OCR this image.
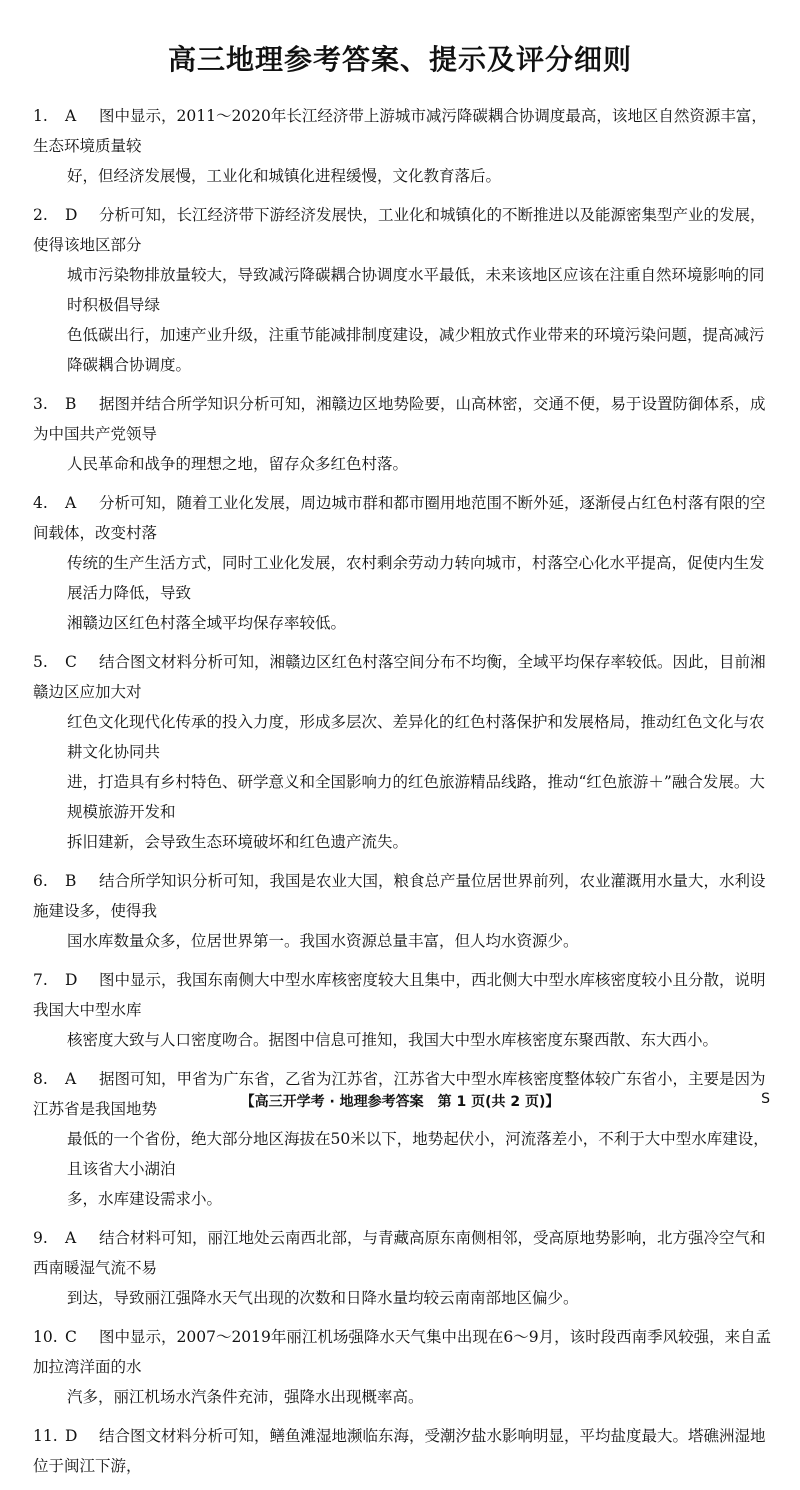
高三地理参考答案、提示及评分细则
1. A 图中显示，2011～2020年长江经济带上游城市减污降碳耦合协调度最高，该地区自然资源丰富，生态环境质量较
好，但经济发展慢，工业化和城镇化进程缓慢，文化教育落后。
2. D 分析可知，长江经济带下游经济发展快，工业化和城镇化的不断推进以及能源密集型产业的发展，使得该地区部分
城市污染物排放量较大，导致减污降碳耦合协调度水平最低，未来该地区应该在注重自然环境影响的同时积极倡导绿
色低碳出行，加速产业升级，注重节能减排制度建设，减少粗放式作业带来的环境污染问题，提高减污降碳耦合协调度。
3. B 据图并结合所学知识分析可知，湘赣边区地势险要，山高林密，交通不便，易于设置防御体系，成为中国共产党领导
人民革命和战争的理想之地，留存众多红色村落。
4. A 分析可知，随着工业化发展，周边城市群和都市圈用地范围不断外延，逐渐侵占红色村落有限的空间载体，改变村落
传统的生产生活方式，同时工业化发展，农村剩余劳动力转向城市，村落空心化水平提高，促使内生发展活力降低，导致
湘赣边区红色村落全域平均保存率较低。
5. C 结合图文材料分析可知，湘赣边区红色村落空间分布不均衡，全域平均保存率较低。因此，目前湘赣边区应加大对
红色文化现代化传承的投入力度，形成多层次、差异化的红色村落保护和发展格局，推动红色文化与农耕文化协同共
进，打造具有乡村特色、研学意义和全国影响力的红色旅游精品线路，推动“红色旅游＋”融合发展。大规模旅游开发和
拆旧建新，会导致生态环境破坏和红色遗产流失。
6. B 结合所学知识分析可知，我国是农业大国，粮食总产量位居世界前列，农业灌溉用水量大，水利设施建设多，使得我
国水库数量众多，位居世界第一。我国水资源总量丰富，但人均水资源少。
7. D 图中显示，我国东南侧大中型水库核密度较大且集中，西北侧大中型水库核密度较小且分散，说明我国大中型水库
核密度大致与人口密度吻合。据图中信息可推知，我国大中型水库核密度东聚西散、东大西小。
8. A 据图可知，甲省为广东省，乙省为江苏省，江苏省大中型水库核密度整体较广东省小，主要是因为江苏省是我国地势
最低的一个省份，绝大部分地区海拔在50米以下，地势起伏小，河流落差小，不利于大中型水库建设，且该省大小湖泊
多，水库建设需求小。
9. A 结合材料可知，丽江地处云南西北部，与青藏高原东南侧相邻，受高原地势影响，北方强冷空气和西南暖湿气流不易
到达，导致丽江强降水天气出现的次数和日降水量均较云南南部地区偏少。
10. C 图中显示，2007～2019年丽江机场强降水天气集中出现在6～9月，该时段西南季风较强，来自孟加拉湾洋面的水
汽多，丽江机场水汽条件充沛，强降水出现概率高。
11. D 结合图文材料分析可知，鳝鱼滩湿地濒临东海，受潮汐盐水影响明显，平均盐度最大。塔礁洲湿地位于闽江下游，
【高三开学考 · 地理参考答案　第 1 页(共 2 页)】	S
